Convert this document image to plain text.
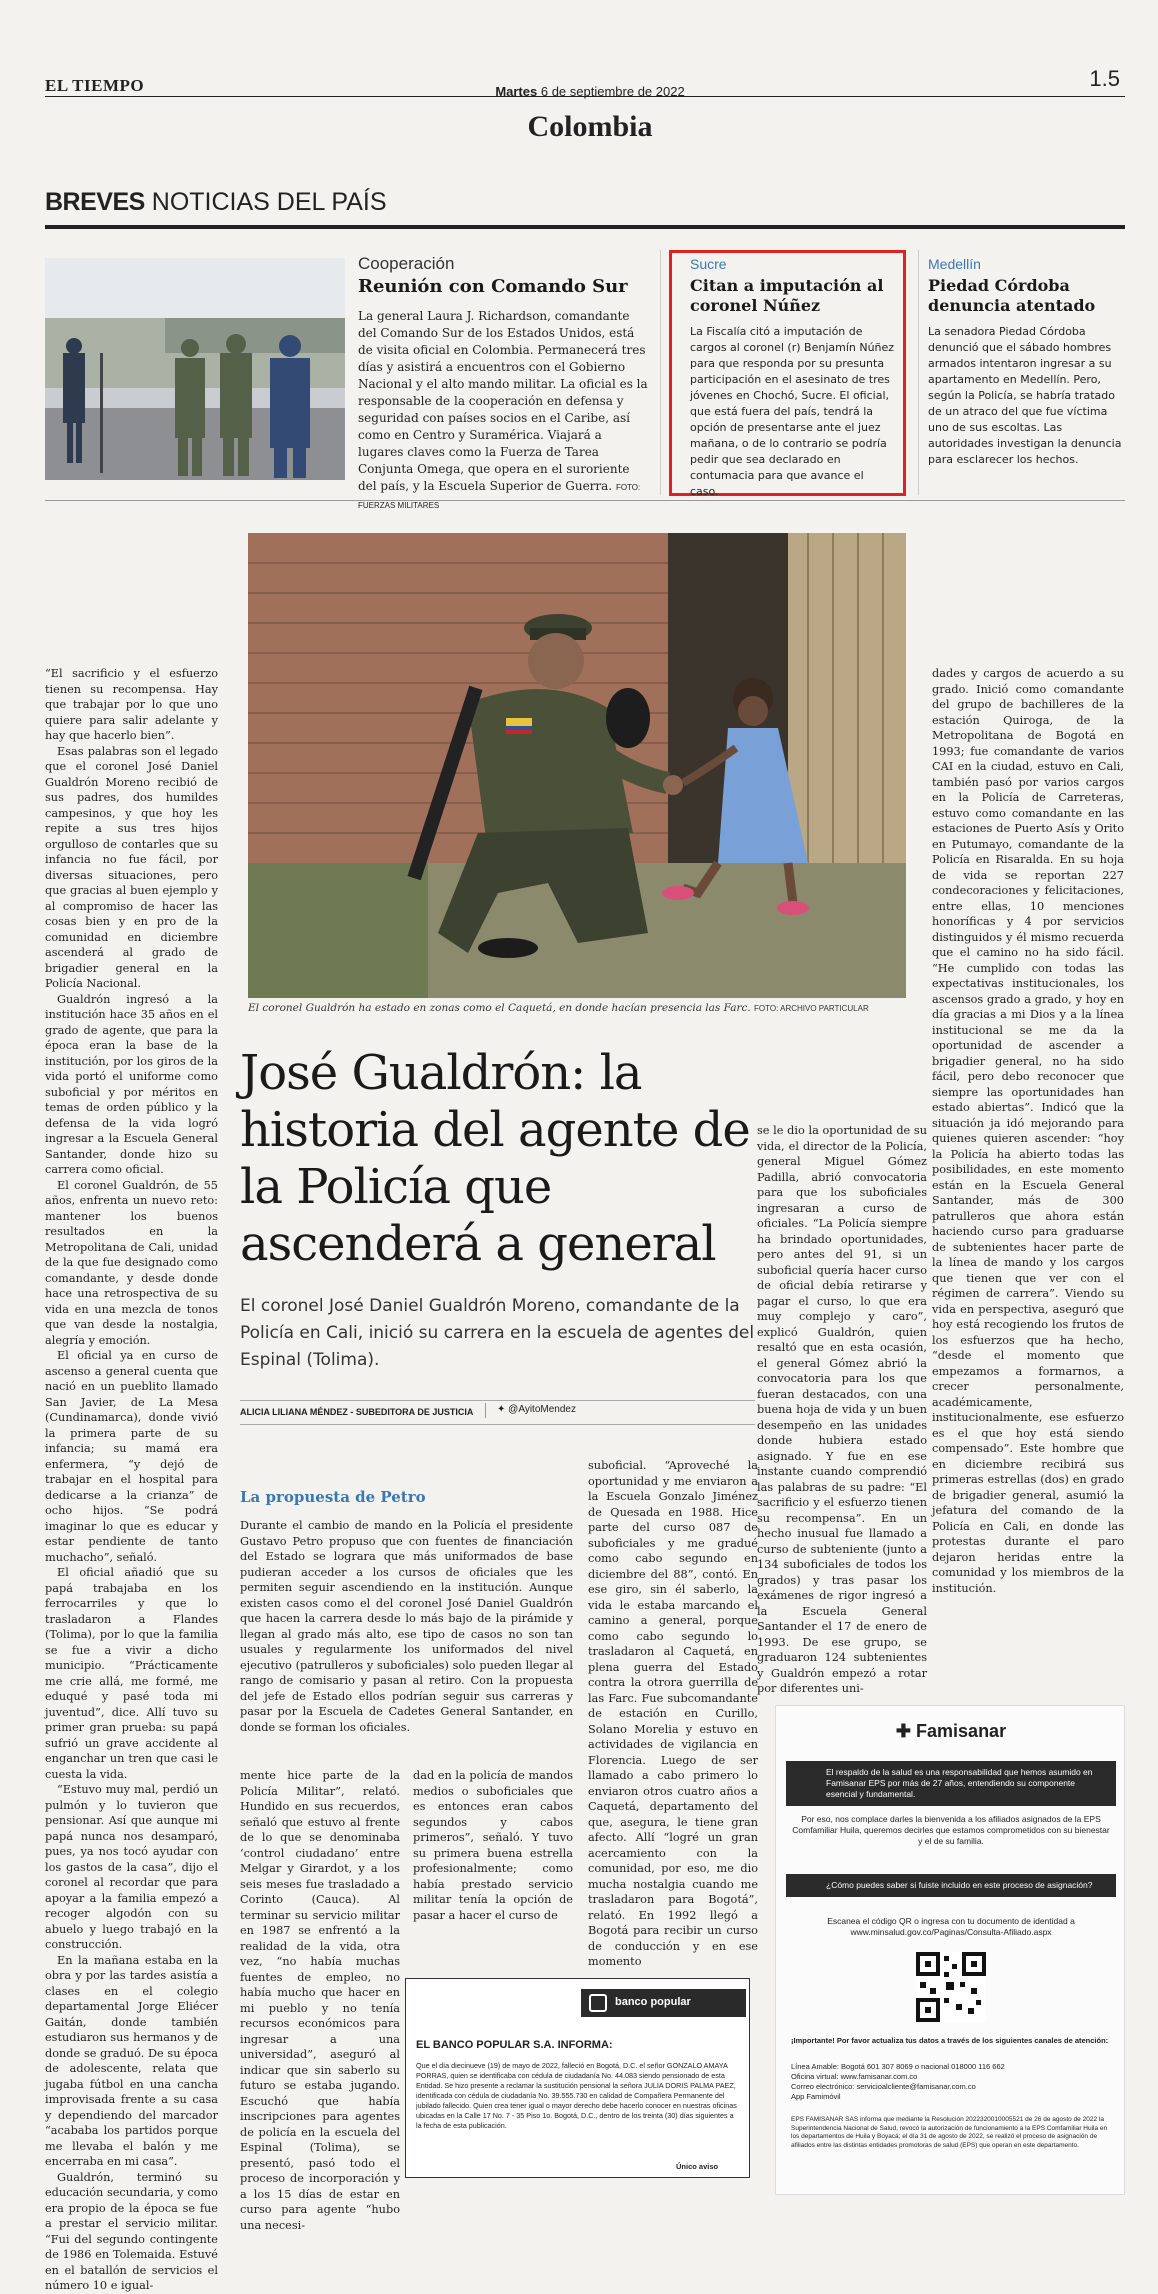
EL TIEMPO	Martes 6 de septiembre de 2022
1.5
Colombia
BREVES NOTICIAS DEL PAÍS
Cooperación
Reunión con Comando Sur
La general Laura J. Richardson, comandante del Comando Sur de los Estados Unidos, está de visita oficial en Colombia. Permanecerá tres días y asistirá a encuentros con el Gobierno Nacional y el alto mando militar. La oficial es la responsable de la cooperación en defensa y seguridad con países socios en el Caribe, así como en Centro y Suramérica. Viajará a lugares claves como la Fuerza de Tarea Conjunta Omega, que opera en el suroriente del país, y la Escuela Superior de Guerra. FOTO: FUERZAS MILITARES
Sucre
Citan a imputación al coronel Núñez
La Fiscalía citó a imputación de cargos al coronel (r) Benjamín Núñez para que responda por su presunta participación en el asesinato de tres jóvenes en Chochó, Sucre. El oficial, que está fuera del país, tendrá la opción de presentarse ante el juez mañana, o de lo contrario se podría pedir que sea declarado en contumacia para que avance el caso.
Medellín
Piedad Córdoba denuncia atentado
La senadora Piedad Córdoba denunció que el sábado hombres armados intentaron ingresar a su apartamento en Medellín. Pero, según la Policía, se habría tratado de un atraco del que fue víctima uno de sus escoltas. Las autoridades investigan la denuncia para esclarecer los hechos.
El coronel Gualdrón ha estado en zonas como el Caquetá, en donde hacían presencia las Farc. FOTO: ARCHIVO PARTICULAR
José Gualdrón: la historia del agente de la Policía que ascenderá a general
El coronel José Daniel Gualdrón Moreno, comandante de la Policía en Cali, inició su carrera en la escuela de agentes del Espinal (Tolima).
ALICIA LILIANA MÉNDEZ - SUBEDITORA DE JUSTICIA ✦ @AyitoMendez

“El sacrificio y el esfuerzo tienen su recompensa. Hay que trabajar por lo que uno quiere para salir adelante y hay que hacerlo bien”.

Esas palabras son el legado que el coronel José Daniel Gualdrón Moreno recibió de sus padres, dos humildes campesinos, y que hoy les repite a sus tres hijos orgulloso de contarles que su infancia no fue fácil, por diversas situaciones, pero que gracias al buen ejemplo y al compromiso de hacer las cosas bien y en pro de la comunidad en diciembre ascenderá al grado de brigadier general en la Policía Nacional.

Gualdrón ingresó a la institución hace 35 años en el grado de agente, que para la época eran la base de la institución, por los giros de la vida portó el uniforme como suboficial y por méritos en temas de orden público y la defensa de la vida logró ingresar a la Escuela General Santander, donde hizo su carrera como oficial.

El coronel Gualdrón, de 55 años, enfrenta un nuevo reto: mantener los buenos resultados en la Metropolitana de Cali, unidad de la que fue designado como comandante, y desde donde hace una retrospectiva de su vida en una mezcla de tonos que van desde la nostalgia, alegría y emoción.

El oficial ya en curso de ascenso a general cuenta que nació en un pueblito llamado San Javier, de La Mesa (Cundinamarca), donde vivió la primera parte de su infancia; su mamá era enfermera, “y dejó de trabajar en el hospital para dedicarse a la crianza” de ocho hijos. “Se podrá imaginar lo que es educar y estar pendiente de tanto muchacho”, señaló.

El oficial añadió que su papá trabajaba en los ferrocarriles y que lo trasladaron a Flandes (Tolima), por lo que la familia se fue a vivir a dicho municipio. “Prácticamente me crie allá, me formé, me eduqué y pasé toda mi juventud”, dice. Allí tuvo su primer gran prueba: su papá sufrió un grave accidente al enganchar un tren que casi le cuesta la vida.

“Estuvo muy mal, perdió un pulmón y lo tuvieron que pensionar. Así que aunque mi papá nunca nos desamparó, pues, ya nos tocó ayudar con los gastos de la casa”, dijo el coronel al recordar que para apoyar a la familia empezó a recoger algodón con su abuelo y luego trabajó en la construcción.

En la mañana estaba en la obra y por las tardes asistía a clases en el colegio departamental Jorge Eliécer Gaitán, donde también estudiaron sus hermanos y de donde se graduó. De su época de adolescente, relata que jugaba fútbol en una cancha improvisada frente a su casa y dependiendo del marcador “acababa los partidos porque me llevaba el balón y me encerraba en mi casa”.

Gualdrón, terminó su educación secundaria, y como era propio de la época se fue a prestar el servicio militar. “Fui del segundo contingente de 1986 en Tolemaida. Estuvé en el batallón de servicios el número 10 e igual-

La propuesta de Petro

Durante el cambio de mando en la Policía el presidente Gustavo Petro propuso que con fuentes de financiación del Estado se lograra que más uniformados de base pudieran acceder a los cursos de oficiales que les permiten seguir ascendiendo en la institución. Aunque existen casos como el del coronel José Daniel Gualdrón que hacen la carrera desde lo más bajo de la pirámide y llegan al grado más alto, ese tipo de casos no son tan usuales y regularmente los uniformados del nivel ejecutivo (patrulleros y suboficiales) solo pueden llegar al rango de comisario y pasan al retiro. Con la propuesta del jefe de Estado ellos podrían seguir sus carreras y pasar por la Escuela de Cadetes General Santander, en donde se forman los oficiales.

mente hice parte de la Policía Militar”, relató. Hundido en sus recuerdos, señaló que estuvo al frente de lo que se denominaba ‘control ciudadano’ entre Melgar y Girardot, y a los seis meses fue trasladado a Corinto (Cauca). Al terminar su servicio militar en 1987 se enfrentó a la realidad de la vida, otra vez, “no había muchas fuentes de empleo, no había mucho que hacer en mi pueblo y no tenía recursos económicos para ingresar a una universidad”, aseguró al indicar que sin saberlo su futuro se estaba jugando. Escuchó que había inscripciones para agentes de policía en la escuela del Espinal (Tolima), se presentó, pasó todo el proceso de incorporación y a los 15 días de estar en curso para agente “hubo una necesi-

dad en la policía de mandos medios o suboficiales que es entonces eran cabos segundos y cabos primeros”, señaló. Y tuvo su primera buena estrella profesionalmente; como había prestado servicio militar tenía la opción de pasar a hacer el curso de

suboficial. “Aproveché la oportunidad y me enviaron a la Escuela Gonzalo Jiménez de Quesada en 1988. Hice parte del curso 087 de suboficiales y me gradué como cabo segundo en diciembre del 88”, contó. En ese giro, sin él saberlo, la vida le estaba marcando el camino a general, porque como cabo segundo lo trasladaron al Caquetá, en plena guerra del Estado contra la otrora guerrilla de las Farc. Fue subcomandante de estación en Curillo, Solano Morelia y estuvo en actividades de vigilancia en Florencia. Luego de ser llamado a cabo primero lo enviaron otros cuatro años a Caquetá, departamento del que, asegura, le tiene gran afecto. Allí “logré un gran acercamiento con la comunidad, por eso, me dio mucha nostalgia cuando me trasladaron para Bogotá”, relató. En 1992 llegó a Bogotá para recibir un curso de conducción y en ese momento

se le dio la oportunidad de su vida, el director de la Policía, general Miguel Gómez Padilla, abrió convocatoria para que los suboficiales ingresaran a curso de oficiales. “La Policía siempre ha brindado oportunidades, pero antes del 91, si un suboficial quería hacer curso de oficial debía retirarse y pagar el curso, lo que era muy complejo y caro”, explicó Gualdrón, quien resaltó que en esta ocasión, el general Gómez abrió la convocatoria para los que fueran destacados, con una buena hoja de vida y un buen desempeño en las unidades donde hubiera estado asignado. Y fue en ese instante cuando comprendió las palabras de su padre: “El sacrificio y el esfuerzo tienen su recompensa”. En un hecho inusual fue llamado a curso de subteniente (junto a 134 suboficiales de todos los grados) y tras pasar los exámenes de rigor ingresó a la Escuela General Santander el 17 de enero de 1993. De ese grupo, se graduaron 124 subtenientes y Gualdrón empezó a rotar por diferentes uni-

dades y cargos de acuerdo a su grado. Inició como comandante del grupo de bachilleres de la estación Quiroga, de la Metropolitana de Bogotá en 1993; fue comandante de varios CAI en la ciudad, estuvo en Cali, también pasó por varios cargos en la Policía de Carreteras, estuvo como comandante en las estaciones de Puerto Asís y Orito en Putumayo, comandante de la Policía en Risaralda. En su hoja de vida se reportan 227 condecoraciones y felicitaciones, entre ellas, 10 menciones honoríficas y 4 por servicios distinguidos y él mismo recuerda que el camino no ha sido fácil. “He cumplido con todas las expectativas institucionales, los ascensos grado a grado, y hoy en día gracias a mi Dios y a la línea institucional se me da la oportunidad de ascender a brigadier general, no ha sido fácil, pero debo reconocer que siempre las oportunidades han estado abiertas”. Indicó que la situación ja idó mejorando para quienes quieren ascender: “hoy la Policía ha abierto todas las posibilidades, en este momento están en la Escuela General Santander, más de 300 patrulleros que ahora están haciendo curso para graduarse de subtenientes hacer parte de la línea de mando y los cargos que tienen que ver con el régimen de carrera”. Viendo su vida en perspectiva, aseguró que hoy está recogiendo los frutos de los esfuerzos que ha hecho, “desde el momento que empezamos a formarnos, a crecer personalmente, académicamente, institucionalmente, ese esfuerzo es el que hoy está siendo compensado”. Este hombre que en diciembre recibirá sus primeras estrellas (dos) en grado de brigadier general, asumió la jefatura del comando de la Policía en Cali, en donde las protestas durante el paro dejaron heridas entre la comunidad y los miembros de la institución.

banco popular
EL BANCO POPULAR S.A. INFORMA:
Que el día diecinueve (19) de mayo de 2022, falleció en Bogotá, D.C. el señor GONZALO AMAYA PORRAS, quien se identificaba con cédula de ciudadanía No. 44.083 siendo pensionado de esta Entidad. Se hizo presente a reclamar la sustitución pensional la señora JULIA DORIS PALMA PAEZ, identificada con cédula de ciudadanía No. 39.555.730 en calidad de Compañera Permanente del jubilado fallecido. Quien crea tener igual o mayor derecho debe hacerlo conocer en nuestras oficinas ubicadas en la Calle 17 No. 7 - 35 Piso 1o. Bogotá, D.C., dentro de los treinta (30) días siguientes a la fecha de esta publicación.
Único aviso
✚ Famisanar
El respaldo de la salud es una responsabilidad que hemos asumido en Famisanar EPS por más de 27 años, entendiendo su componente esencial y fundamental.
Por eso, nos complace darles la bienvenida a los afiliados asignados de la EPS Comfamiliar Huila, queremos decirles que estamos comprometidos con su bienestar y el de su familia.
¿Cómo puedes saber si fuiste incluido en este proceso de asignación?
Escanea el código QR o ingresa con tu documento de identidad a www.minsalud.gov.co/Paginas/Consulta-Afiliado.aspx
¡Importante! Por favor actualiza tus datos a través de los siguientes canales de atención:
Línea Amable: Bogotá 601 307 8069 o nacional 018000 116 662
Oficina virtual: www.famisanar.com.co
Correo electrónico: servicioalcliente@famisanar.com.co
App Famimóvil
EPS FAMISANAR SAS informa que mediante la Resolución 2022320010005521 de 26 de agosto de 2022 la Superintendencia Nacional de Salud, revocó la autorización de funcionamiento a la EPS Comfamiliar Huila en los departamentos de Huila y Boyacá; el día 31 de agosto de 2022, se realizó el proceso de asignación de afiliados entre las distintas entidades promotoras de salud (EPS) que operan en este departamento.
